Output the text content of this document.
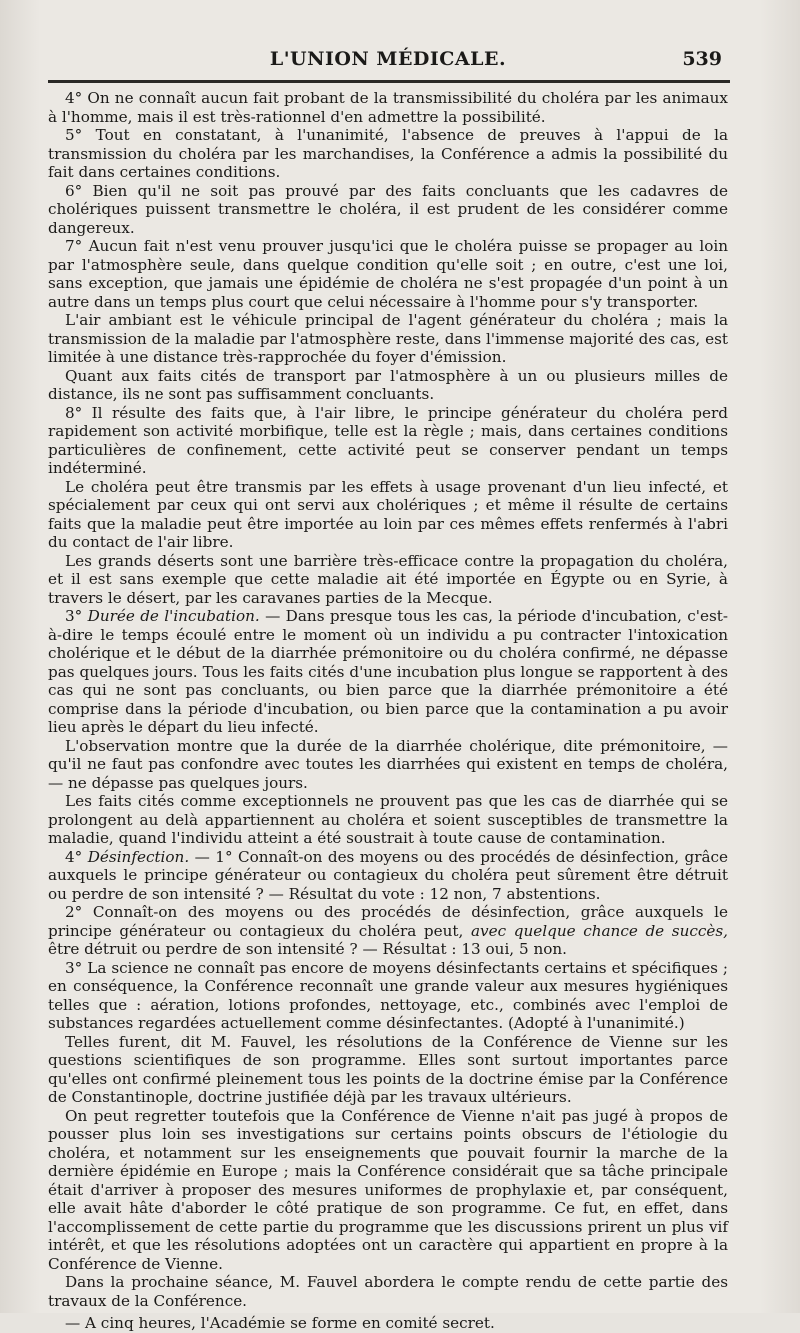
L'UNION MÉDICALE.	539

4° On ne connaît aucun fait probant de la transmissibilité du choléra par les animaux à l'homme, mais il est très-rationnel d'en admettre la possibilité.

5° Tout en constatant, à l'unanimité, l'absence de preuves à l'appui de la transmission du choléra par les marchandises, la Conférence a admis la possibilité du fait dans certaines conditions.

6° Bien qu'il ne soit pas prouvé par des faits concluants que les cadavres de cholériques puissent transmettre le choléra, il est prudent de les considérer comme dangereux.

7° Aucun fait n'est venu prouver jusqu'ici que le choléra puisse se propager au loin par l'atmosphère seule, dans quelque condition qu'elle soit ; en outre, c'est une loi, sans exception, que jamais une épidémie de choléra ne s'est propagée d'un point à un autre dans un temps plus court que celui nécessaire à l'homme pour s'y transporter.

L'air ambiant est le véhicule principal de l'agent générateur du choléra ; mais la transmission de la maladie par l'atmosphère reste, dans l'immense majorité des cas, est limitée à une distance très-rapprochée du foyer d'émission.

Quant aux faits cités de transport par l'atmosphère à un ou plusieurs milles de distance, ils ne sont pas suffisamment concluants.

8° Il résulte des faits que, à l'air libre, le principe générateur du choléra perd rapidement son activité morbifique, telle est la règle ; mais, dans certaines conditions particulières de confinement, cette activité peut se conserver pendant un temps indéterminé.

Le choléra peut être transmis par les effets à usage provenant d'un lieu infecté, et spécialement par ceux qui ont servi aux cholériques ; et même il résulte de certains faits que la maladie peut être importée au loin par ces mêmes effets renfermés à l'abri du contact de l'air libre.

Les grands déserts sont une barrière très-efficace contre la propagation du choléra, et il est sans exemple que cette maladie ait été importée en Égypte ou en Syrie, à travers le désert, par les caravanes parties de la Mecque.

3° Durée de l'incubation. — Dans presque tous les cas, la période d'incubation, c'est-à-dire le temps écoulé entre le moment où un individu a pu contracter l'intoxication cholérique et le début de la diarrhée prémonitoire ou du choléra confirmé, ne dépasse pas quelques jours. Tous les faits cités d'une incubation plus longue se rapportent à des cas qui ne sont pas concluants, ou bien parce que la diarrhée prémonitoire a été comprise dans la période d'incubation, ou bien parce que la contamination a pu avoir lieu après le départ du lieu infecté.

L'observation montre que la durée de la diarrhée cholérique, dite prémonitoire, — qu'il ne faut pas confondre avec toutes les diarrhées qui existent en temps de choléra, — ne dépasse pas quelques jours.

Les faits cités comme exceptionnels ne prouvent pas que les cas de diarrhée qui se prolongent au delà appartiennent au choléra et soient susceptibles de transmettre la maladie, quand l'individu atteint a été soustrait à toute cause de contamination.

4° Désinfection. — 1° Connaît-on des moyens ou des procédés de désinfection, grâce auxquels le principe générateur ou contagieux du choléra peut sûrement être détruit ou perdre de son intensité ? — Résultat du vote : 12 non, 7 abstentions.

2° Connaît-on des moyens ou des procédés de désinfection, grâce auxquels le principe générateur ou contagieux du choléra peut, avec quelque chance de succès, être détruit ou perdre de son intensité ? — Résultat : 13 oui, 5 non.

3° La science ne connaît pas encore de moyens désinfectants certains et spécifiques ; en conséquence, la Conférence reconnaît une grande valeur aux mesures hygiéniques telles que : aération, lotions profondes, nettoyage, etc., combinés avec l'emploi de substances regardées actuellement comme désinfectantes. (Adopté à l'unanimité.)

Telles furent, dit M. Fauvel, les résolutions de la Conférence de Vienne sur les questions scientifiques de son programme. Elles sont surtout importantes parce qu'elles ont confirmé pleinement tous les points de la doctrine émise par la Conférence de Constantinople, doctrine justifiée déjà par les travaux ultérieurs.

On peut regretter toutefois que la Conférence de Vienne n'ait pas jugé à propos de pousser plus loin ses investigations sur certains points obscurs de l'étiologie du choléra, et notamment sur les enseignements que pouvait fournir la marche de la dernière épidémie en Europe ; mais la Conférence considérait que sa tâche principale était d'arriver à proposer des mesures uniformes de prophylaxie et, par conséquent, elle avait hâte d'aborder le côté pratique de son programme. Ce fut, en effet, dans l'accomplissement de cette partie du programme que les discussions prirent un plus vif intérêt, et que les résolutions adoptées ont un caractère qui appartient en propre à la Conférence de Vienne.

Dans la prochaine séance, M. Fauvel abordera le compte rendu de cette partie des travaux de la Conférence.

— A cinq heures, l'Académie se forme en comité secret.
